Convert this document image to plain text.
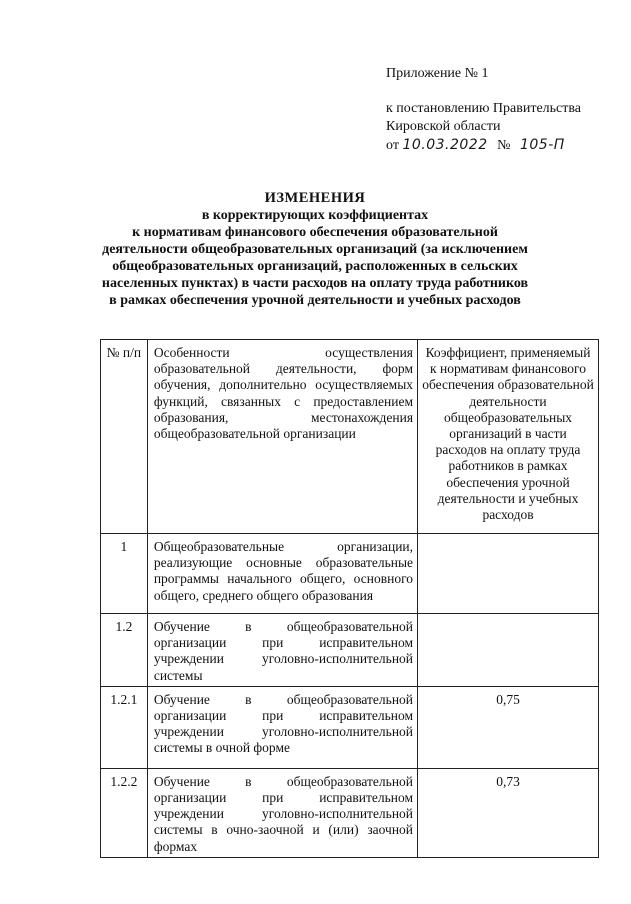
Приложение № 1
к постановлению Правительства
Кировской области
от 10.03.2022 № 105-П
ИЗМЕНЕНИЯ
в корректирующих коэффициентах
к нормативам финансового обеспечения образовательной
деятельности общеобразовательных организаций (за исключением
общеобразовательных организаций, расположенных в сельских
населенных пунктах) в части расходов на оплату труда работников
в рамках обеспечения урочной деятельности и учебных расходов
№ п/п	Особенности осуществления образовательной деятельности, форм обучения, дополнительно осуществляемых функций, связанных с предоставлением образования, местонахождения общеобразовательной организации	Коэффициент, применяемый к нормативам финансового обеспечения образовательной деятельности общеобразовательных организаций в части расходов на оплату труда работников в рамках обеспечения урочной деятельности и учебных расходов
1	Общеобразовательные организации, реализующие основные образовательные программы начального общего, основного общего, среднего общего образования	
1.2	Обучение в общеобразовательной организации при исправительном учреждении уголовно-исполнительной системы	
1.2.1	Обучение в общеобразовательной организации при исправительном учреждении уголовно-исполнительной системы в очной форме	0,75
1.2.2	Обучение в общеобразовательной организации при исправительном учреждении уголовно-исполнительной системы в очно-заочной и (или) заочной формах	0,73
